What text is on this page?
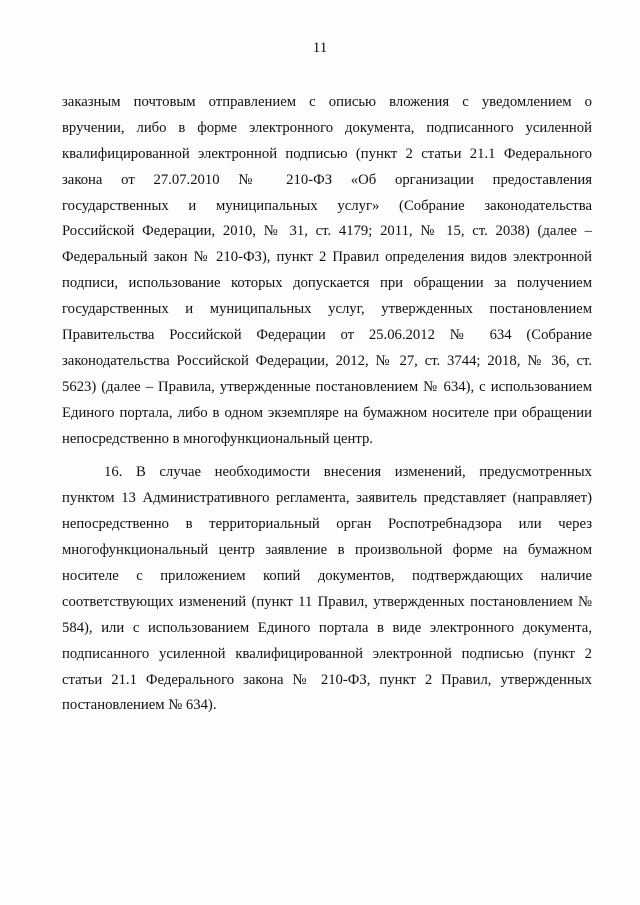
11
заказным почтовым отправлением с описью вложения с уведомлением о
вручении, либо в форме электронного документа, подписанного усиленной
квалифицированной электронной подписью (пункт 2 статьи 21.1 Федерального
закона от 27.07.2010 № 210-ФЗ «Об организации предоставления
государственных и муниципальных услуг» (Собрание законодательства
Российской Федерации, 2010, № 31, ст. 4179; 2011, № 15, ст. 2038) (далее –
Федеральный закон № 210-ФЗ), пункт 2 Правил определения видов электронной
подписи, использование которых допускается при обращении за получением
государственных и муниципальных услуг, утвержденных постановлением
Правительства Российской Федерации от 25.06.2012 № 634 (Собрание
законодательства Российской Федерации, 2012, № 27, ст. 3744; 2018, № 36, ст.
5623) (далее – Правила, утвержденные постановлением № 634), с использованием
Единого портала, либо в одном экземпляре на бумажном носителе при обращении
непосредственно в многофункциональный центр.
16. В случае необходимости внесения изменений, предусмотренных
пунктом 13 Административного регламента, заявитель представляет (направляет)
непосредственно в территориальный орган Роспотребнадзора или через
многофункциональный центр заявление в произвольной форме на бумажном
носителе с приложением копий документов, подтверждающих наличие
соответствующих изменений (пункт 11 Правил, утвержденных постановлением №
584), или с использованием Единого портала в виде электронного документа,
подписанного усиленной квалифицированной электронной подписью (пункт 2
статьи 21.1 Федерального закона № 210-ФЗ, пункт 2 Правил, утвержденных
постановлением № 634).
